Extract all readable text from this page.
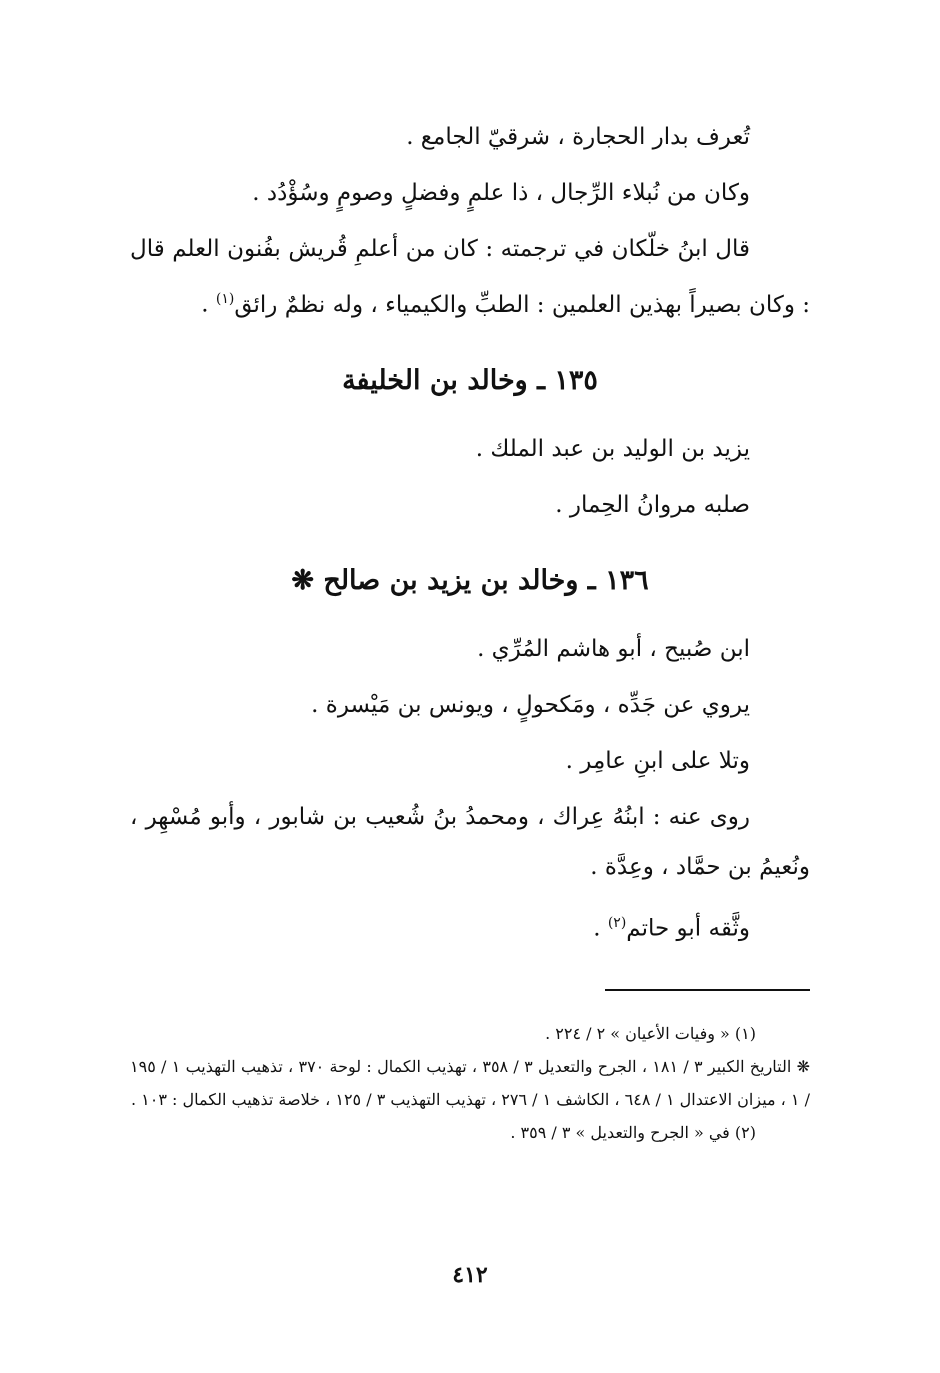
تُعرف بدار الحجارة ، شرقيّ الجامع .

وكان من نُبلاء الرِّجال ، ذا علمٍ وفضلٍ وصومٍ وسُؤْدُد .

قال ابنُ خلّكان في ترجمته : كان من أعلمِ قُريش بفُنون العلم قال : وكان بصيراً بهذين العلمين : الطبِّ والكيمياء ، وله نظمٌ رائق$^{(١)}$ .

١٣٥ ـ وخالد بن الخليفة

يزيد بن الوليد بن عبد الملك .

صلبه مروانُ الحِمار .

١٣٦ ـ وخالد بن يزيد بن صالح ❋

ابن صُبيح ، أبو هاشم المُرِّي .

يروي عن جَدِّه ، ومَكحولٍ ، ويونس بن مَيْسرة .

وتلا على ابنِ عامِر .

روى عنه : ابنُهُ عِراك ، ومحمدُ بنُ شُعيب بن شابور ، وأبو مُسْهِر ، ونُعيمُ بن حمَّاد ، وعِدَّة .

وثَّقه أبو حاتم$^{(٢)}$ .

(١) « وفيات الأعيان » ٢ / ٢٢٤ .

❋ التاريخ الكبير ٣ / ١٨١ ، الجرح والتعديل ٣ / ٣٥٨ ، تهذيب الكمال : لوحة ٣٧٠ ، تذهيب التهذيب ١ / ١٩٥ / ١ ، ميزان الاعتدال ١ / ٦٤٨ ، الكاشف ١ / ٢٧٦ ، تهذيب التهذيب ٣ / ١٢٥ ، خلاصة تذهيب الكمال : ١٠٣ .

(٢) في « الجرح والتعديل » ٣ / ٣٥٩ .

٤١٢
